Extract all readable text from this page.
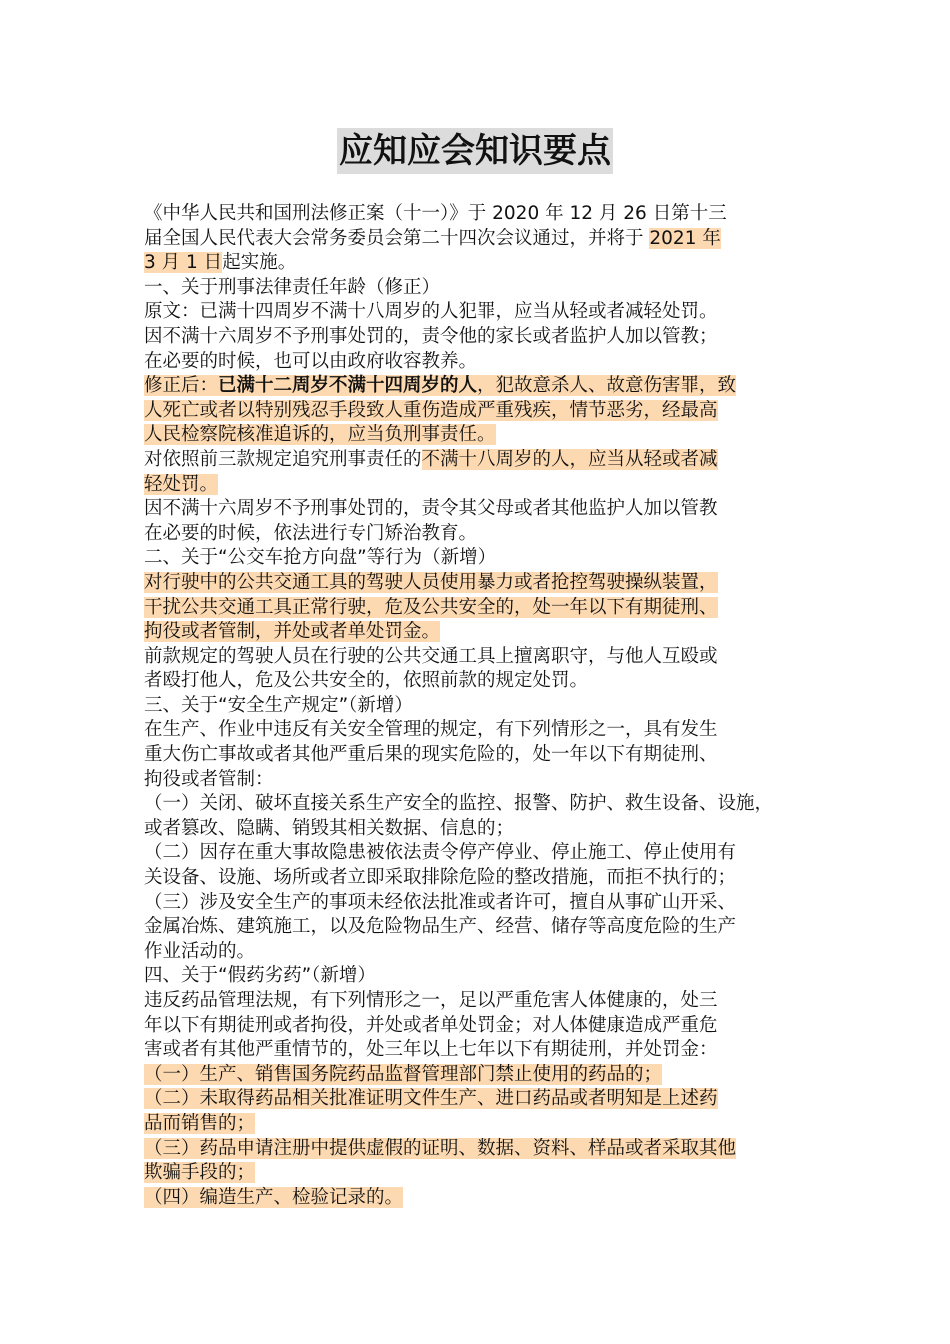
应知应会知识要点
《中华人民共和国刑法修正案（十一）》于 2020 年 12 月 26 日第十三
届全国人民代表大会常务委员会第二十四次会议通过，并将于 2021 年
3 月 1 日起实施。
一、关于刑事法律责任年龄（修正）
原文：已满十四周岁不满十八周岁的人犯罪，应当从轻或者减轻处罚。
因不满十六周岁不予刑事处罚的，责令他的家长或者监护人加以管教；
在必要的时候，也可以由政府收容教养。
修正后：已满十二周岁不满十四周岁的人，犯故意杀人、故意伤害罪，致
人死亡或者以特别残忍手段致人重伤造成严重残疾，情节恶劣，经最高
人民检察院核准追诉的，应当负刑事责任。
对依照前三款规定追究刑事责任的不满十八周岁的人，应当从轻或者减
轻处罚。
因不满十六周岁不予刑事处罚的，责令其父母或者其他监护人加以管教
在必要的时候，依法进行专门矫治教育。
二、关于“公交车抢方向盘”等行为（新增）
对行驶中的公共交通工具的驾驶人员使用暴力或者抢控驾驶操纵装置，
干扰公共交通工具正常行驶，危及公共安全的，处一年以下有期徒刑、
拘役或者管制，并处或者单处罚金。
前款规定的驾驶人员在行驶的公共交通工具上擅离职守，与他人互殴或
者殴打他人，危及公共安全的，依照前款的规定处罚。
三、关于“安全生产规定”（新增）
在生产、作业中违反有关安全管理的规定，有下列情形之一，具有发生
重大伤亡事故或者其他严重后果的现实危险的，处一年以下有期徒刑、
拘役或者管制：
（一）关闭、破坏直接关系生产安全的监控、报警、防护、救生设备、设施，
或者篡改、隐瞒、销毁其相关数据、信息的；
（二）因存在重大事故隐患被依法责令停产停业、停止施工、停止使用有
关设备、设施、场所或者立即采取排除危险的整改措施，而拒不执行的；
（三）涉及安全生产的事项未经依法批准或者许可，擅自从事矿山开采、
金属冶炼、建筑施工，以及危险物品生产、经营、储存等高度危险的生产
作业活动的。
四、关于“假药劣药”（新增）
违反药品管理法规，有下列情形之一，足以严重危害人体健康的，处三
年以下有期徒刑或者拘役，并处或者单处罚金；对人体健康造成严重危
害或者有其他严重情节的，处三年以上七年以下有期徒刑，并处罚金：
（一）生产、销售国务院药品监督管理部门禁止使用的药品的；
（二）未取得药品相关批准证明文件生产、进口药品或者明知是上述药
品而销售的；
（三）药品申请注册中提供虚假的证明、数据、资料、样品或者采取其他
欺骗手段的；
（四）编造生产、检验记录的。
